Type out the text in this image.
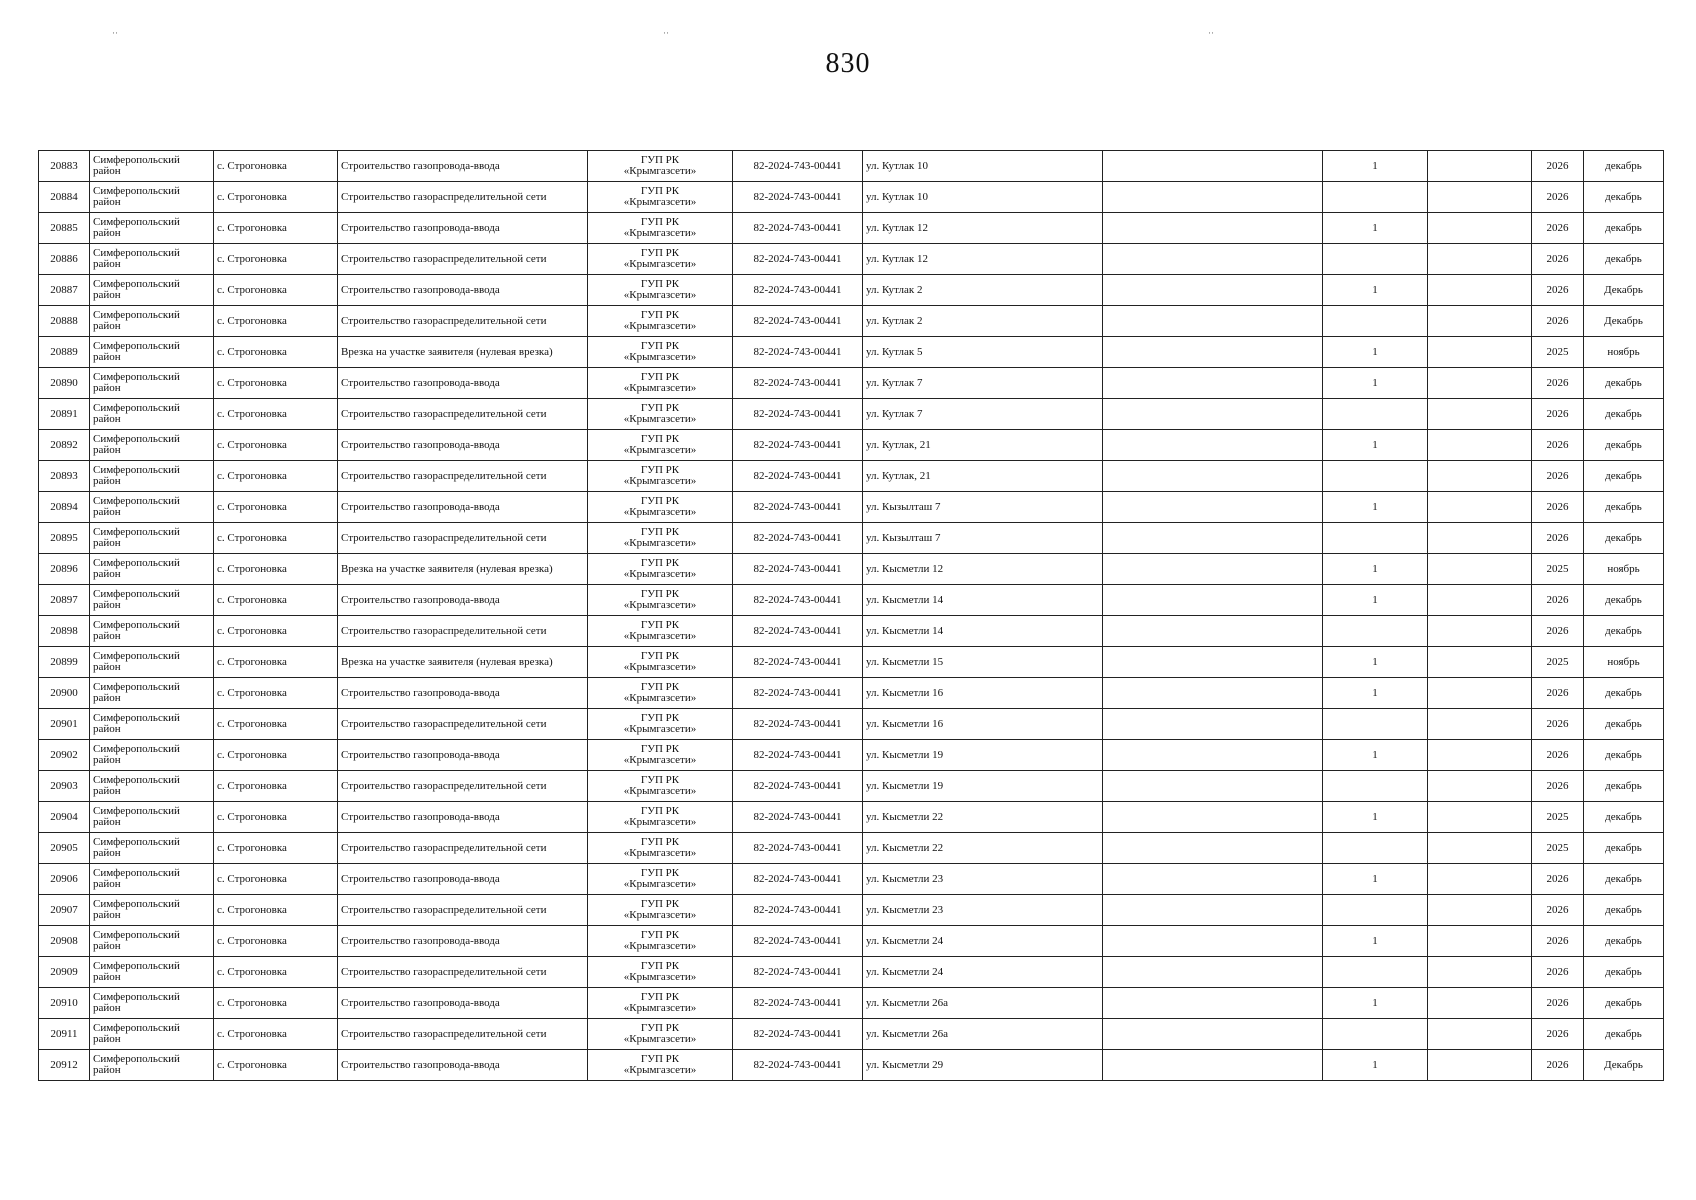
830
20883	Симферопольский район	с. Строгоновка	Строительство газопровода-ввода	ГУП РК
«Крымгазсети»	82-2024-743-00441	ул. Кутлак 10		1		2026	декабрь
20884	Симферопольский район	с. Строгоновка	Строительство газораспределительной сети	ГУП РК
«Крымгазсети»	82-2024-743-00441	ул. Кутлак 10				2026	декабрь
20885	Симферопольский район	с. Строгоновка	Строительство газопровода-ввода	ГУП РК
«Крымгазсети»	82-2024-743-00441	ул. Кутлак 12		1		2026	декабрь
20886	Симферопольский район	с. Строгоновка	Строительство газораспределительной сети	ГУП РК
«Крымгазсети»	82-2024-743-00441	ул. Кутлак 12				2026	декабрь
20887	Симферопольский район	с. Строгоновка	Строительство газопровода-ввода	ГУП РК
«Крымгазсети»	82-2024-743-00441	ул. Кутлак 2		1		2026	Декабрь
20888	Симферопольский район	с. Строгоновка	Строительство газораспределительной сети	ГУП РК
«Крымгазсети»	82-2024-743-00441	ул. Кутлак 2				2026	Декабрь
20889	Симферопольский район	с. Строгоновка	Врезка на участке заявителя (нулевая врезка)	ГУП РК
«Крымгазсети»	82-2024-743-00441	ул. Кутлак 5		1		2025	ноябрь
20890	Симферопольский район	с. Строгоновка	Строительство газопровода-ввода	ГУП РК
«Крымгазсети»	82-2024-743-00441	ул. Кутлак 7		1		2026	декабрь
20891	Симферопольский район	с. Строгоновка	Строительство газораспределительной сети	ГУП РК
«Крымгазсети»	82-2024-743-00441	ул. Кутлак 7				2026	декабрь
20892	Симферопольский район	с. Строгоновка	Строительство газопровода-ввода	ГУП РК
«Крымгазсети»	82-2024-743-00441	ул. Кутлак, 21		1		2026	декабрь
20893	Симферопольский район	с. Строгоновка	Строительство газораспределительной сети	ГУП РК
«Крымгазсети»	82-2024-743-00441	ул. Кутлак, 21				2026	декабрь
20894	Симферопольский район	с. Строгоновка	Строительство газопровода-ввода	ГУП РК
«Крымгазсети»	82-2024-743-00441	ул. Кызылташ 7		1		2026	декабрь
20895	Симферопольский район	с. Строгоновка	Строительство газораспределительной сети	ГУП РК
«Крымгазсети»	82-2024-743-00441	ул. Кызылташ 7				2026	декабрь
20896	Симферопольский район	с. Строгоновка	Врезка на участке заявителя (нулевая врезка)	ГУП РК
«Крымгазсети»	82-2024-743-00441	ул. Кысметли 12		1		2025	ноябрь
20897	Симферопольский район	с. Строгоновка	Строительство газопровода-ввода	ГУП РК
«Крымгазсети»	82-2024-743-00441	ул. Кысметли 14		1		2026	декабрь
20898	Симферопольский район	с. Строгоновка	Строительство газораспределительной сети	ГУП РК
«Крымгазсети»	82-2024-743-00441	ул. Кысметли 14				2026	декабрь
20899	Симферопольский район	с. Строгоновка	Врезка на участке заявителя (нулевая врезка)	ГУП РК
«Крымгазсети»	82-2024-743-00441	ул. Кысметли 15		1		2025	ноябрь
20900	Симферопольский район	с. Строгоновка	Строительство газопровода-ввода	ГУП РК
«Крымгазсети»	82-2024-743-00441	ул. Кысметли 16		1		2026	декабрь
20901	Симферопольский район	с. Строгоновка	Строительство газораспределительной сети	ГУП РК
«Крымгазсети»	82-2024-743-00441	ул. Кысметли 16				2026	декабрь
20902	Симферопольский район	с. Строгоновка	Строительство газопровода-ввода	ГУП РК
«Крымгазсети»	82-2024-743-00441	ул. Кысметли 19		1		2026	декабрь
20903	Симферопольский район	с. Строгоновка	Строительство газораспределительной сети	ГУП РК
«Крымгазсети»	82-2024-743-00441	ул. Кысметли 19				2026	декабрь
20904	Симферопольский район	с. Строгоновка	Строительство газопровода-ввода	ГУП РК
«Крымгазсети»	82-2024-743-00441	ул. Кысметли 22		1		2025	декабрь
20905	Симферопольский район	с. Строгоновка	Строительство газораспределительной сети	ГУП РК
«Крымгазсети»	82-2024-743-00441	ул. Кысметли 22				2025	декабрь
20906	Симферопольский район	с. Строгоновка	Строительство газопровода-ввода	ГУП РК
«Крымгазсети»	82-2024-743-00441	ул. Кысметли 23		1		2026	декабрь
20907	Симферопольский район	с. Строгоновка	Строительство газораспределительной сети	ГУП РК
«Крымгазсети»	82-2024-743-00441	ул. Кысметли 23				2026	декабрь
20908	Симферопольский район	с. Строгоновка	Строительство газопровода-ввода	ГУП РК
«Крымгазсети»	82-2024-743-00441	ул. Кысметли 24		1		2026	декабрь
20909	Симферопольский район	с. Строгоновка	Строительство газораспределительной сети	ГУП РК
«Крымгазсети»	82-2024-743-00441	ул. Кысметли 24				2026	декабрь
20910	Симферопольский район	с. Строгоновка	Строительство газопровода-ввода	ГУП РК
«Крымгазсети»	82-2024-743-00441	ул. Кысметли 26а		1		2026	декабрь
20911	Симферопольский район	с. Строгоновка	Строительство газораспределительной сети	ГУП РК
«Крымгазсети»	82-2024-743-00441	ул. Кысметли 26а				2026	декабрь
20912	Симферопольский район	с. Строгоновка	Строительство газопровода-ввода	ГУП РК
«Крымгазсети»	82-2024-743-00441	ул. Кысметли 29		1		2026	Декабрь
··	··	··
